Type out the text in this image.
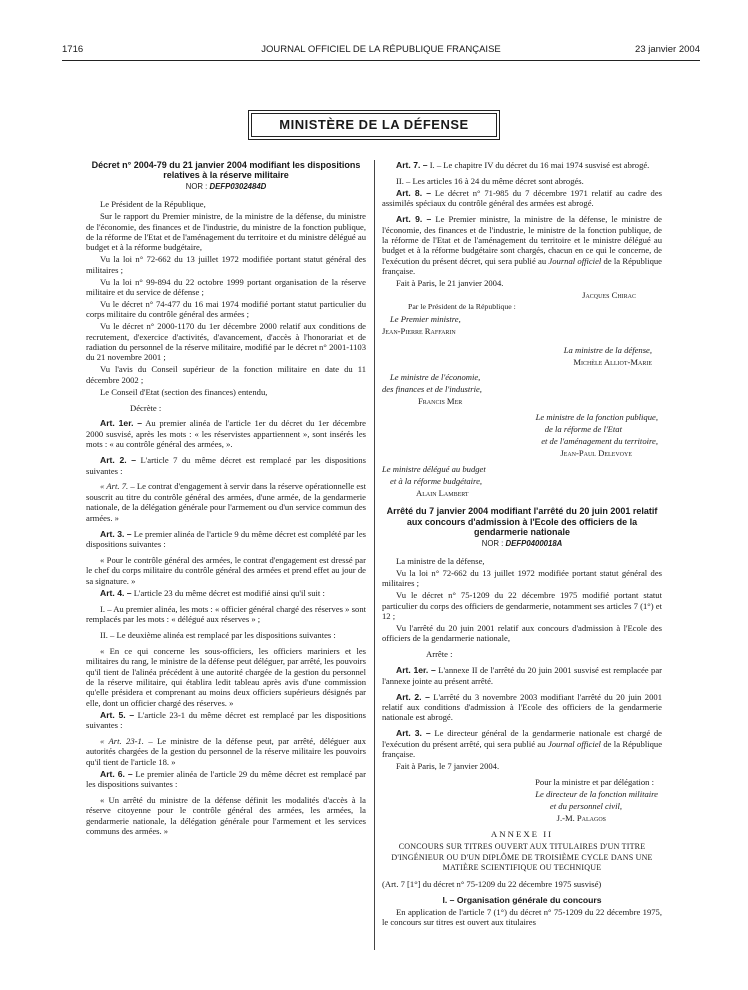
1716	JOURNAL OFFICIEL DE LA RÉPUBLIQUE FRANÇAISE	23 janvier 2004
MINISTÈRE DE LA DÉFENSE
Décret n° 2004-79 du 21 janvier 2004 modifiant les dispositions relatives à la réserve militaire
NOR : DEFP0302484D

Le Président de la République,

Sur le rapport du Premier ministre, de la ministre de la défense, du ministre de l'économie, des finances et de l'industrie, du ministre de la fonction publique, de la réforme de l'Etat et de l'aménagement du territoire et du ministre délégué au budget et à la réforme budgétaire,

Vu la loi n° 72-662 du 13 juillet 1972 modifiée portant statut général des militaires ;

Vu la loi n° 99-894 du 22 octobre 1999 portant organisation de la réserve militaire et du service de défense ;

Vu le décret n° 74-477 du 16 mai 1974 modifié portant statut particulier du corps militaire du contrôle général des armées ;

Vu le décret n° 2000-1170 du 1er décembre 2000 relatif aux conditions de recrutement, d'exercice d'activités, d'avancement, d'accès à l'honorariat et de radiation du personnel de la réserve militaire, modifié par le décret n° 2001-1103 du 21 novembre 2001 ;

Vu l'avis du Conseil supérieur de la fonction militaire en date du 11 décembre 2002 ;

Le Conseil d'Etat (section des finances) entendu,

Décrète :

Art. 1er. – Au premier alinéa de l'article 1er du décret du 1er décembre 2000 susvisé, après les mots : « les réservistes appartiennent », sont insérés les mots : « au contrôle général des armées, ».

Art. 2. – L'article 7 du même décret est remplacé par les dispositions suivantes :

« Art. 7. – Le contrat d'engagement à servir dans la réserve opérationnelle est souscrit au titre du contrôle général des armées, d'une armée, de la gendarmerie nationale, de la délégation générale pour l'armement ou d'un service commun des armées. »

Art. 3. – Le premier alinéa de l'article 9 du même décret est complété par les dispositions suivantes :

« Pour le contrôle général des armées, le contrat d'engagement est dressé par le chef du corps militaire du contrôle général des armées et prend effet au jour de sa signature. »

Art. 4. – L'article 23 du même décret est modifié ainsi qu'il suit :

I. – Au premier alinéa, les mots : « officier général chargé des réserves » sont remplacés par les mots : « délégué aux réserves » ;

II. – Le deuxième alinéa est remplacé par les dispositions suivantes :

« En ce qui concerne les sous-officiers, les officiers mariniers et les militaires du rang, le ministre de la défense peut déléguer, par arrêté, les pouvoirs qu'il tient de l'alinéa précédent à une autorité chargée de la gestion du personnel de la réserve militaire, qui établira ledit tableau après avis d'une commission qu'elle présidera et comprenant au moins deux officiers supérieurs désignés par elle, dont un officier chargé des réserves. »

Art. 5. – L'article 23-1 du même décret est remplacé par les dispositions suivantes :

« Art. 23-1. – Le ministre de la défense peut, par arrêté, déléguer aux autorités chargées de la gestion du personnel de la réserve militaire les pouvoirs qu'il tient de l'article 18. »

Art. 6. – Le premier alinéa de l'article 29 du même décret est remplacé par les dispositions suivantes :

« Un arrêté du ministre de la défense définit les modalités d'accès à la réserve citoyenne pour le contrôle général des armées, les armées, la gendarmerie nationale, la délégation générale pour l'armement et les services communs des armées. »

Art. 7. – I. – Le chapitre IV du décret du 16 mai 1974 susvisé est abrogé.

II. – Les articles 16 à 24 du même décret sont abrogés.

Art. 8. – Le décret n° 71-985 du 7 décembre 1971 relatif au cadre des assimilés spéciaux du contrôle général des armées est abrogé.

Art. 9. – Le Premier ministre, la ministre de la défense, le ministre de l'économie, des finances et de l'industrie, le ministre de la fonction publique, de la réforme de l'Etat et de l'aménagement du territoire et le ministre délégué au budget et à la réforme budgétaire sont chargés, chacun en ce qui le concerne, de l'exécution du présent décret, qui sera publié au Journal officiel de la République française.

Fait à Paris, le 21 janvier 2004.

Jacques Chirac

Par le Président de la République :

Le Premier ministre,

Jean-Pierre Raffarin

La ministre de la défense,

Michèle Alliot-Marie

Le ministre de l'économie,

des finances et de l'industrie,

Francis Mer

Le ministre de la fonction publique,

de la réforme de l'Etat

et de l'aménagement du territoire,

Jean-Paul Delevoye

Le ministre délégué au budget

et à la réforme budgétaire,

Alain Lambert

Arrêté du 7 janvier 2004 modifiant l'arrêté du 20 juin 2001 relatif aux concours d'admission à l'Ecole des officiers de la gendarmerie nationale
NOR : DEFP0400018A

La ministre de la défense,

Vu la loi n° 72-662 du 13 juillet 1972 modifiée portant statut général des militaires ;

Vu le décret n° 75-1209 du 22 décembre 1975 modifié portant statut particulier du corps des officiers de gendarmerie, notamment ses articles 7 (1°) et 12 ;

Vu l'arrêté du 20 juin 2001 relatif aux concours d'admission à l'Ecole des officiers de la gendarmerie nationale,

Arrête :

Art. 1er. – L'annexe II de l'arrêté du 20 juin 2001 susvisé est remplacée par l'annexe jointe au présent arrêté.

Art. 2. – L'arrêté du 3 novembre 2003 modifiant l'arrêté du 20 juin 2001 relatif aux conditions d'admission à l'Ecole des officiers de la gendarmerie nationale est abrogé.

Art. 3. – Le directeur général de la gendarmerie nationale est chargé de l'exécution du présent arrêté, qui sera publié au Journal officiel de la République française.

Fait à Paris, le 7 janvier 2004.

Pour la ministre et par délégation :

Le directeur de la fonction militaire

et du personnel civil,

J.-M. Palagos

ANNEXE II

CONCOURS SUR TITRES OUVERT AUX TITULAIRES D'UN TITRE D'INGÉNIEUR OU D'UN DIPLÔME DE TROISIÈME CYCLE DANS UNE MATIÈRE SCIENTIFIQUE OU TECHNIQUE

(Art. 7 [1°] du décret n° 75-1209 du 22 décembre 1975 susvisé)

I. – Organisation générale du concours

En application de l'article 7 (1°) du décret n° 75-1209 du 22 décembre 1975, le concours sur titres est ouvert aux titulaires
